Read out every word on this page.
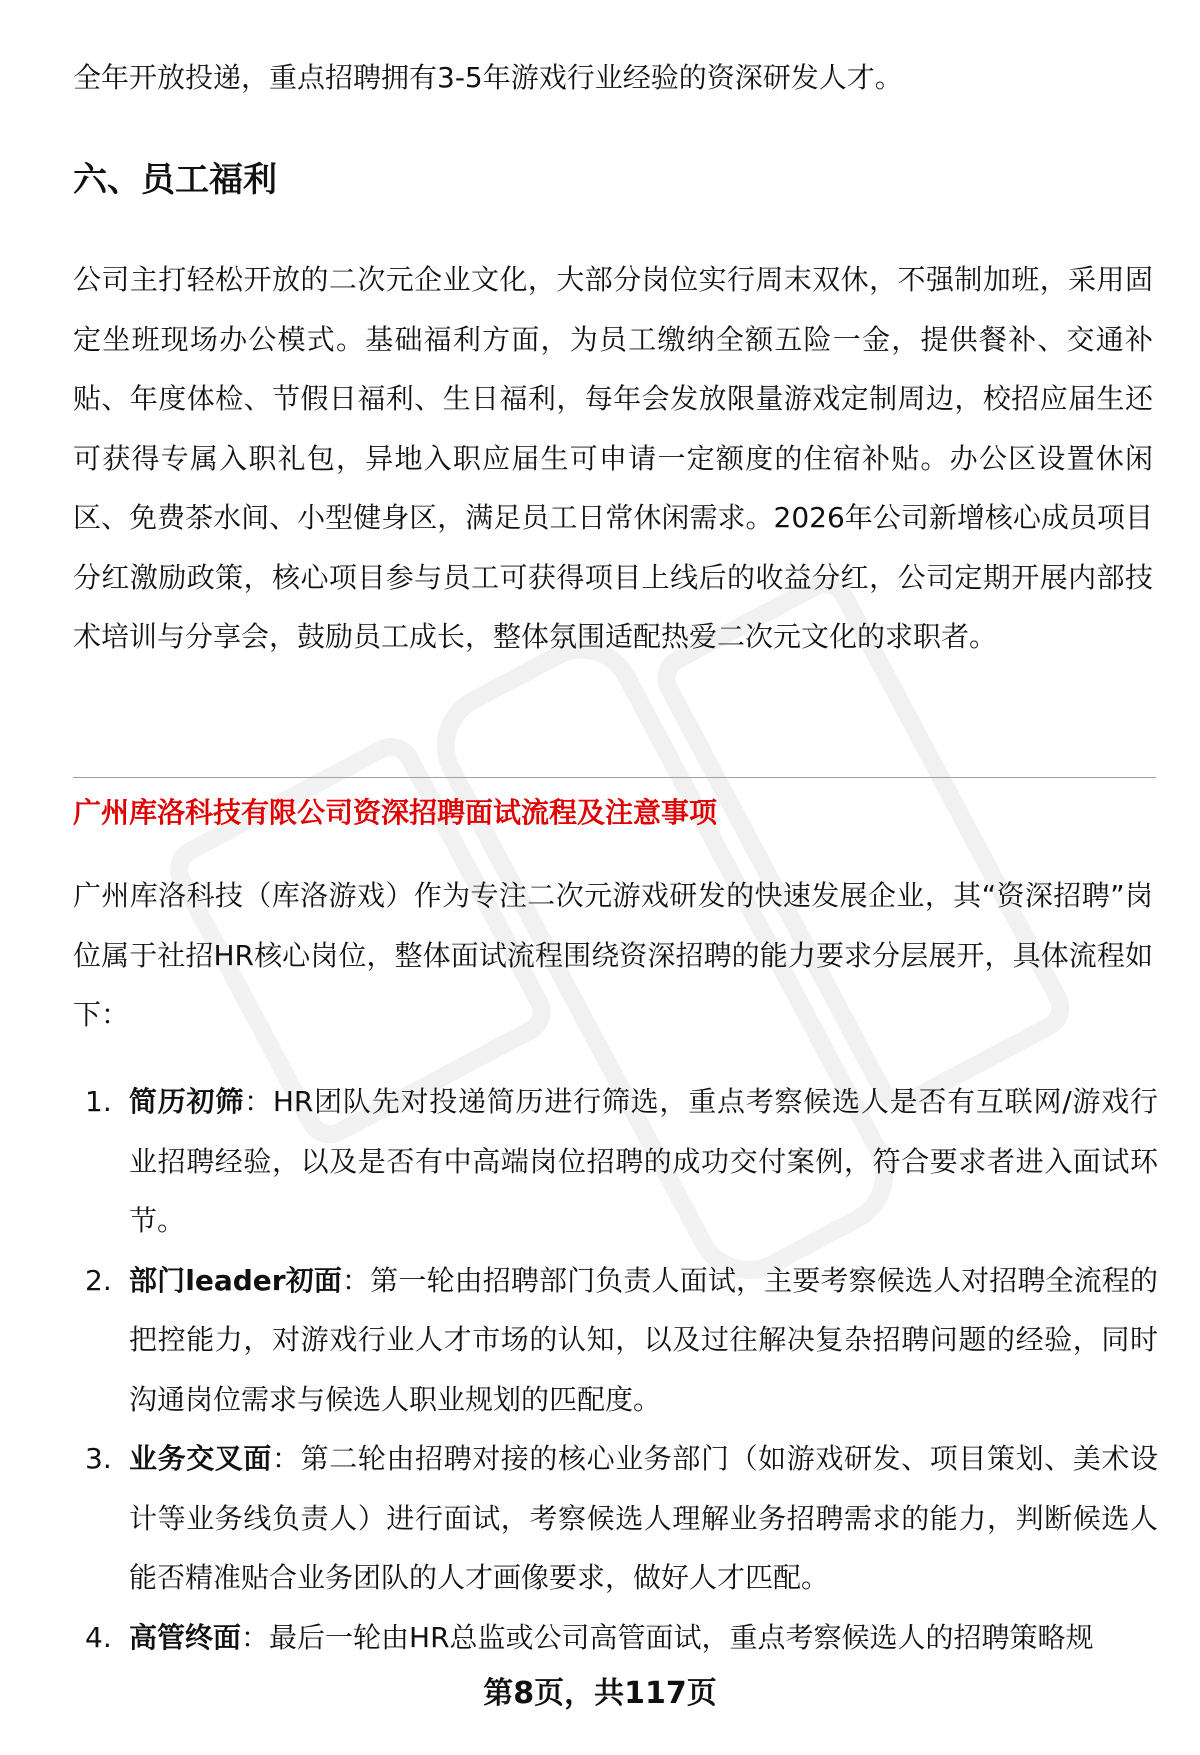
全年开放投递，重点招聘拥有3-5年游戏行业经验的资深研发人才。

六、员工福利

公司主打轻松开放的二次元企业文化，大部分岗位实行周末双休，不强制加班，采用固定坐班现场办公模式。基础福利方面，为员工缴纳全额五险一金，提供餐补、交通补贴、年度体检、节假日福利、生日福利，每年会发放限量游戏定制周边，校招应届生还可获得专属入职礼包，异地入职应届生可申请一定额度的住宿补贴。办公区设置休闲区、免费茶水间、小型健身区，满足员工日常休闲需求。2026年公司新增核心成员项目分红激励政策，核心项目参与员工可获得项目上线后的收益分红，公司定期开展内部技术培训与分享会，鼓励员工成长，整体氛围适配热爱二次元文化的求职者。

广州库洛科技有限公司资深招聘面试流程及注意事项

广州库洛科技（库洛游戏）作为专注二次元游戏研发的快速发展企业，其“资深招聘”岗位属于社招HR核心岗位，整体面试流程围绕资深招聘的能力要求分层展开，具体流程如下：

1. 简历初筛：HR团队先对投递简历进行筛选，重点考察候选人是否有互联网/游戏行业招聘经验，以及是否有中高端岗位招聘的成功交付案例，符合要求者进入面试环节。
2. 部门leader初面：第一轮由招聘部门负责人面试，主要考察候选人对招聘全流程的把控能力，对游戏行业人才市场的认知，以及过往解决复杂招聘问题的经验，同时沟通岗位需求与候选人职业规划的匹配度。
3. 业务交叉面：第二轮由招聘对接的核心业务部门（如游戏研发、项目策划、美术设计等业务线负责人）进行面试，考察候选人理解业务招聘需求的能力，判断候选人能否精准贴合业务团队的人才画像要求，做好人才匹配。
4. 高管终面：最后一轮由HR总监或公司高管面试，重点考察候选人的招聘策略规
第8页，共117页
